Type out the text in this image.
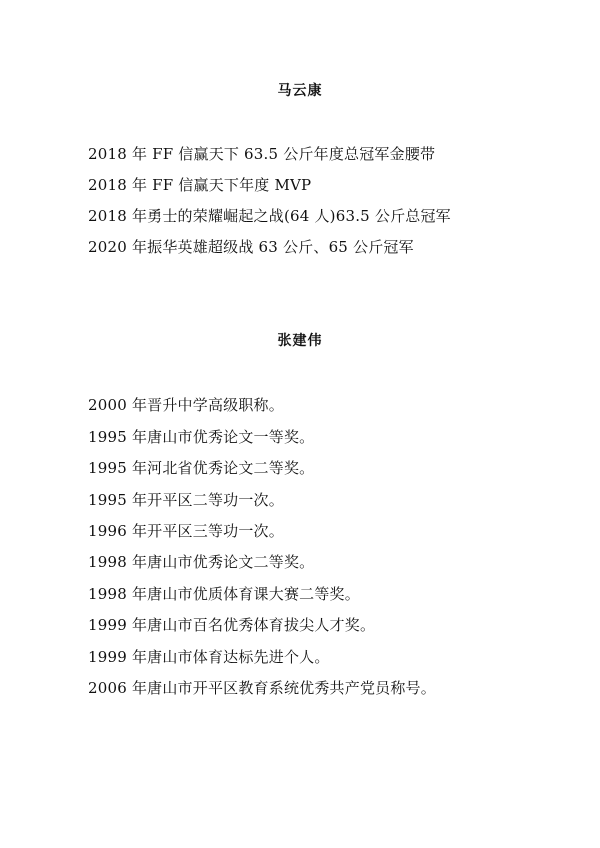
马云康
2018 年 FF 信赢天下 63.5 公斤年度总冠军金腰带
2018 年 FF 信赢天下年度 MVP
2018 年勇士的荣耀崛起之战(64 人)63.5 公斤总冠军
2020 年振华英雄超级战 63 公斤、65 公斤冠军
张建伟
2000 年晋升中学高级职称。
1995 年唐山市优秀论文一等奖。
1995 年河北省优秀论文二等奖。
1995 年开平区二等功一次。
1996 年开平区三等功一次。
1998 年唐山市优秀论文二等奖。
1998 年唐山市优质体育课大赛二等奖。
1999 年唐山市百名优秀体育拔尖人才奖。
1999 年唐山市体育达标先进个人。
2006 年唐山市开平区教育系统优秀共产党员称号。
